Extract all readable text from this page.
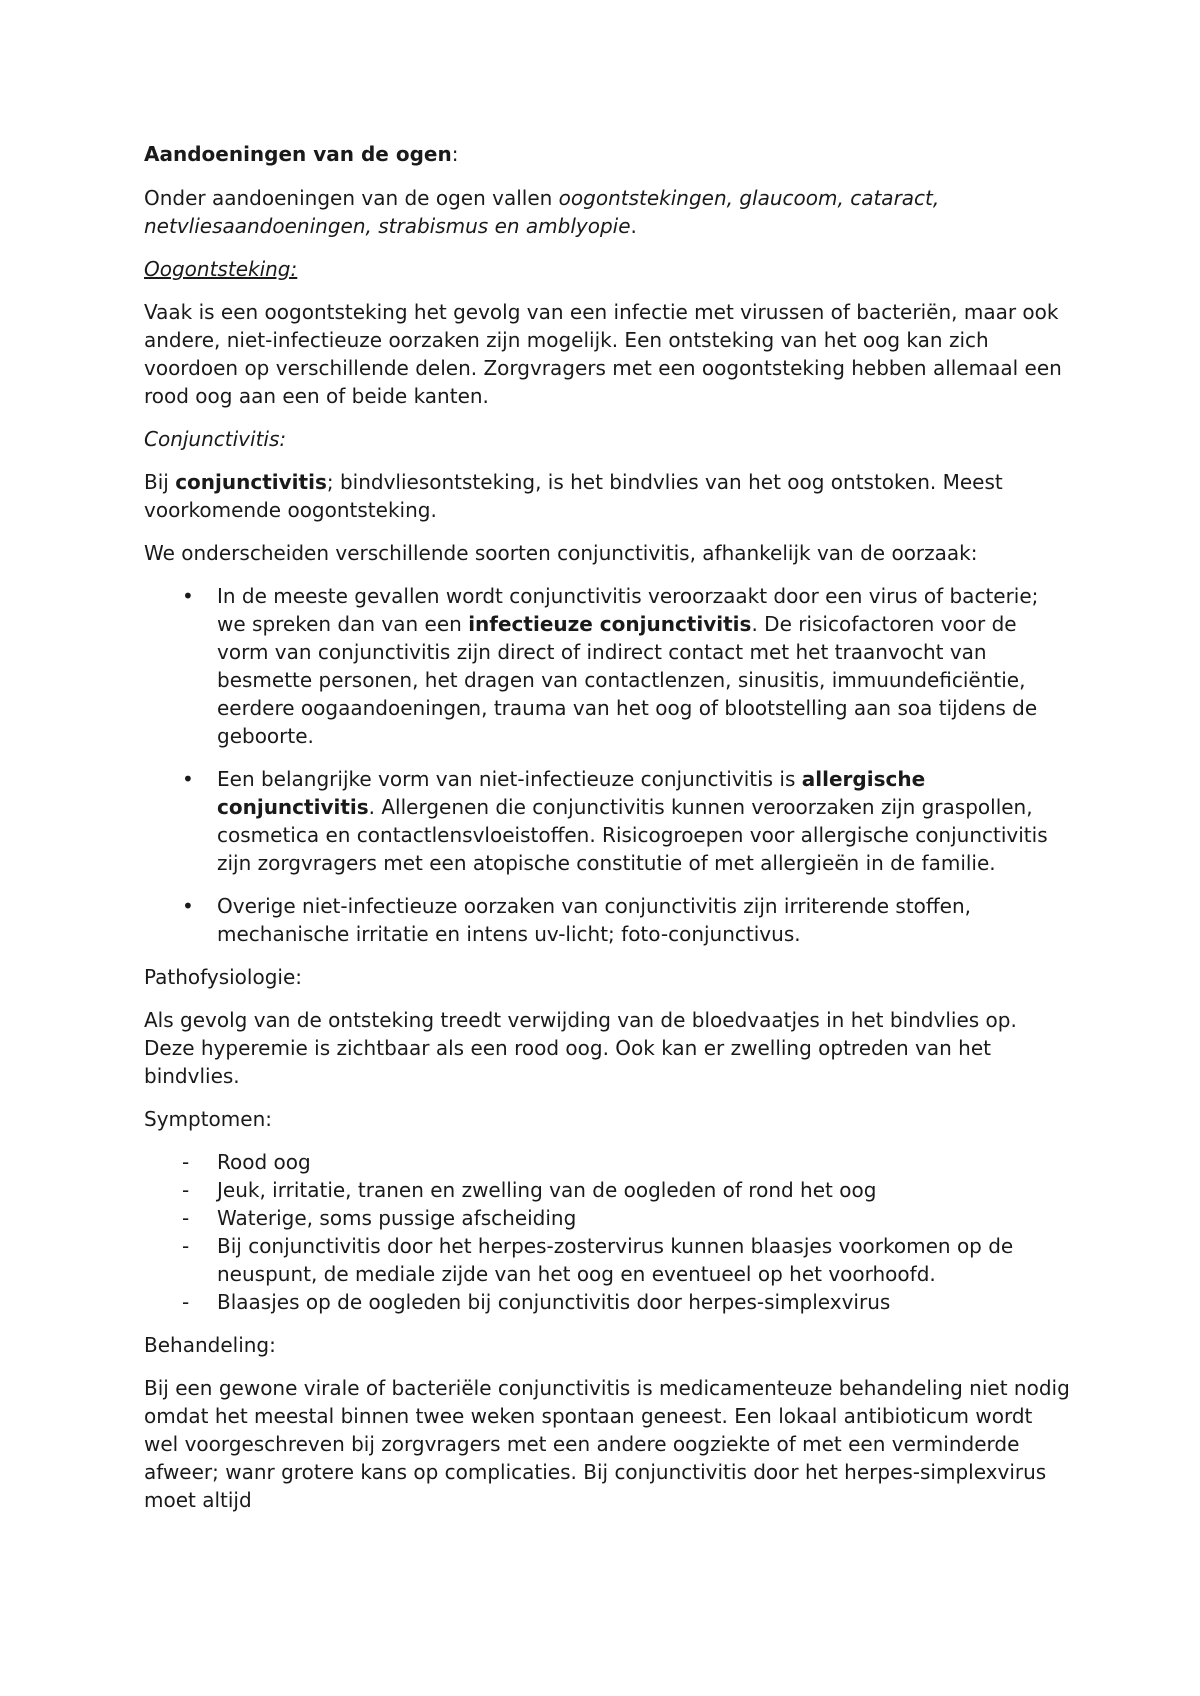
Aandoeningen van de ogen:

Onder aandoeningen van de ogen vallen oogontstekingen, glaucoom, cataract, netvliesaandoeningen, strabismus en amblyopie.

Oogontsteking:

Vaak is een oogontsteking het gevolg van een infectie met virussen of bacteriën, maar ook andere, niet-infectieuze oorzaken zijn mogelijk. Een ontsteking van het oog kan zich voordoen op verschillende delen. Zorgvragers met een oogontsteking hebben allemaal een rood oog aan een of beide kanten.

Conjunctivitis:

Bij conjunctivitis; bindvliesontsteking, is het bindvlies van het oog ontstoken. Meest voorkomende oogontsteking.

We onderscheiden verschillende soorten conjunctivitis, afhankelijk van de oorzaak:

• In de meeste gevallen wordt conjunctivitis veroorzaakt door een virus of bacterie; we spreken dan van een infectieuze conjunctivitis. De risicofactoren voor de vorm van conjunctivitis zijn direct of indirect contact met het traanvocht van besmette personen, het dragen van contactlenzen, sinusitis, immuundeficiëntie, eerdere oogaandoeningen, trauma van het oog of blootstelling aan soa tijdens de geboorte.
• Een belangrijke vorm van niet-infectieuze conjunctivitis is allergische conjunctivitis. Allergenen die conjunctivitis kunnen veroorzaken zijn graspollen, cosmetica en contactlensvloeistoffen. Risicogroepen voor allergische conjunctivitis zijn zorgvragers met een atopische constitutie of met allergieën in de familie.
• Overige niet-infectieuze oorzaken van conjunctivitis zijn irriterende stoffen, mechanische irritatie en intens uv-licht; foto-conjunctivus.

Pathofysiologie:

Als gevolg van de ontsteking treedt verwijding van de bloedvaatjes in het bindvlies op. Deze hyperemie is zichtbaar als een rood oog. Ook kan er zwelling optreden van het bindvlies.

Symptomen:

- Rood oog
- Jeuk, irritatie, tranen en zwelling van de oogleden of rond het oog
- Waterige, soms pussige afscheiding
- Bij conjunctivitis door het herpes-zostervirus kunnen blaasjes voorkomen op de neuspunt, de mediale zijde van het oog en eventueel op het voorhoofd.
- Blaasjes op de oogleden bij conjunctivitis door herpes-simplexvirus

Behandeling:

Bij een gewone virale of bacteriële conjunctivitis is medicamenteuze behandeling niet nodig omdat het meestal binnen twee weken spontaan geneest. Een lokaal antibioticum wordt wel voorgeschreven bij zorgvragers met een andere oogziekte of met een verminderde afweer; wanr grotere kans op complicaties. Bij conjunctivitis door het herpes-simplexvirus moet altijd
